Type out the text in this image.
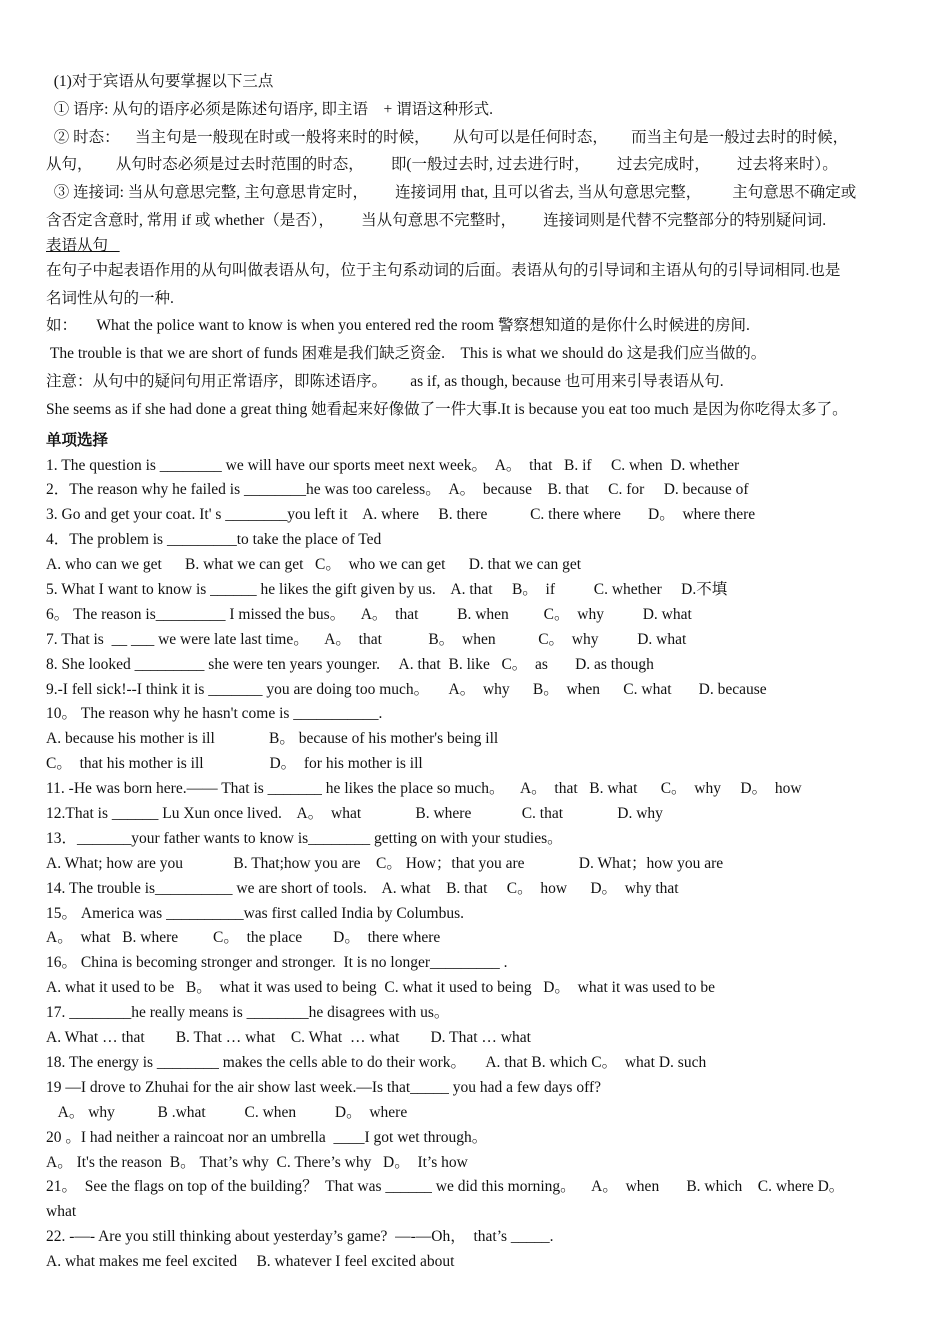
(1)对于宾语从句要掌握以下三点

① 语序: 从句的语序必须是陈述句语序, 即主语    + 谓语这种形式.

② 时态：    当主句是一般现在时或一般将来时的时候，      从句可以是任何时态，      而当主句是一般过去时的时候，

从句，      从句时态必须是过去时范围的时态，       即(一般过去时, 过去进行时，       过去完成时，       过去将来时）。

③ 连接词: 当从句意思完整, 主句意思肯定时，       连接词用 that, 且可以省去, 当从句意思完整，        主句意思不确定或

含否定含意时, 常用 if 或 whether（是否），       当从句意思不完整时，       连接词则是代替不完整部分的特别疑问词.

表语从句

在句子中起表语作用的从句叫做表语从句，位于主句系动词的后面。表语从句的引导词和主语从句的引导词相同.也是

名词性从句的一种.

如：     What the police want to know is when you entered red the room 警察想知道的是你什么时候进的房间.

The trouble is that we are short of funds 困难是我们缺乏资金.    This is what we should do 这是我们应当做的。

注意：从句中的疑问句用正常语序，即陈述语序。      as if, as though, because 也可用来引导表语从句.

She seems as if she had done a great thing 她看起来好像做了一件大事.It is because you eat too much 是因为你吃得太多了。

单项选择

1. The question is ________ we will have our sports meet next week。  A。  that   B. if     C. when  D. whether

2．The reason why he failed is ________he was too careless。  A。  because    B. that     C. for     D. because of

3. Go and get your coat. It' s ________you left it    A. where     B. there           C. there where       D。  where there

4．The problem is _________to take the place of Ted

A. who can we get      B. what we can get   C。  who we can get      D. that we can get

5. What I want to know is ______ he likes the gift given by us.    A. that     B。  if          C. whether     D.不填

6。 The reason is_________ I missed the bus。    A。  that          B. when         C。  why          D. what

7. That is  __ ___ we were late last time。    A。  that            B。  when           C。  why          D. what

8. She looked _________ she were ten years younger.     A. that  B. like   C。  as       D. as though

9.-I fell sick!--I think it is _______ you are doing too much。     A。  why      B。  when      C. what       D. because

10。 The reason why he hasn't come is ___________.

A. because his mother is ill              B。 because of his mother's being ill

C。  that his mother is ill                 D。  for his mother is ill

11. -He was born here.—— That is _______ he likes the place so much。    A。  that   B. what      C。  why     D。  how

12.That is ______ Lu Xun once lived.    A。  what              B. where             C. that              D. why

13．_______your father wants to know is________ getting on with your studies。

A. What; how are you             B. That;how you are    C。 How；that you are              D. What；how you are

14. The trouble is__________ we are short of tools.    A. what    B. that     C。  how      D。  why that

15。 America was __________was first called India by Columbus.

A。  what   B. where         C。  the place        D。  there where

16。 China is becoming stronger and stronger.  It is no longer_________ .

A. what it used to be   B。  what it was used to being  C. what it used to being   D。  what it was used to be

17. ________he really means is ________he disagrees with us。

A. What … that        B. That … what    C. What  … what        D. That … what

18. The energy is ________ makes the cells able to do their work。     A. that B. which C。  what D. such

19 —I drove to Zhuhai for the air show last week.—Is that_____ you had a few days off?

A。 why           B .what          C. when          D。  where

20 。I had neither a raincoat nor an umbrella  ____I got wet through。

A。 It's the reason  B。 That’s why  C. There’s why   D。  It’s how

21。  See the flags on top of the building？  That was ______ we did this morning。    A。  when       B. which    C. where D。

what

22. -—- Are you still thinking about yesterday’s game?  —-—Oh，  that’s _____.

A. what makes me feel excited     B. whatever I feel excited about
